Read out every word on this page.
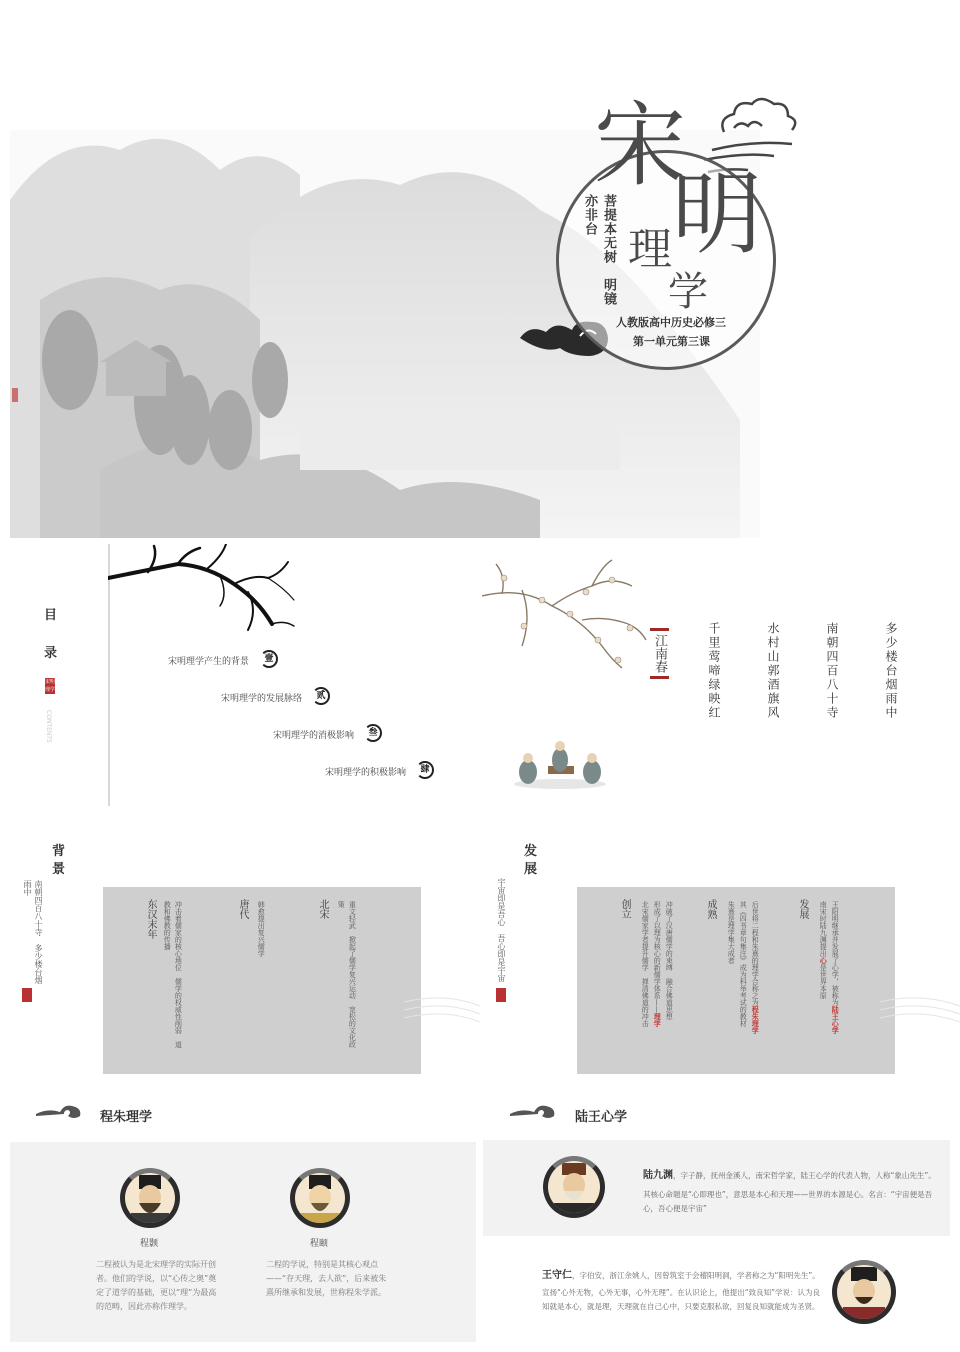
宋
明
理
学
菩提本无树　明镜亦非台
人教版高中历史必修三
第一单元第三课
目
录
宋明理学
CONTENTS
宋明理学产生的背景	壹
宋明理学的发展脉络	贰
宋明理学的消极影响	叁
宋明理学的积极影响	肆
江南春	千里莺啼绿映红	水村山郭酒旗风	南朝四百八十寺	多少楼台烟雨中
背
景
南朝四百八十寺　多少楼台烟雨中
东汉末年	冲击着儒家的核心地位　儒学的权威性削弱　道教和佛教的传播	唐代	韩愈提出复兴儒学	北宋	重文轻武　掀起了儒学复兴运动　宽松的文化政策
发
展
宇宙即是吾心　吾心即是宇宙	创立	北宋儒家学者提升儒学　掸清佛道的冲击 形成了以理为核心的新儒学体系——理学 冲破了汉唐儒学的束缚　融合佛道思想	成熟	朱熹是理学集大成者 其《四书章句集注》成为科举考试的教材 后世将二程和朱熹的理学合称之为程朱理学
发展	南宋时陆九渊提出心是世界本原 王阳明继承并发展了心学，被称为陆王心学
程朱理学
程颢
二程被认为是北宋理学的实际开创者。他们的学说，以“心传之奥”奠定了道学的基础，更以“理”为最高的范畴，因此亦称作理学。
程颐
二程的学说，特别是其核心观点——“存天理，去人欲”，后来被朱熹所继承和发展，世称程朱学派。
陆王心学
陆九渊，字子静，抚州金溪人，南宋哲学家，陆王心学的代表人物，人称“象山先生”。
其核心命题是“心即理也”，意思是本心和天理——世界的本源是心。名言：“宇宙便是吾心，吾心便是宇宙”
王守仁，字伯安，浙江余姚人，因曾筑室于会稽阳明洞，学者称之为“阳明先生”。
宣扬“心外无物，心外无事，心外无理”。在认识论上，他提出“致良知”学说：认为良知就是本心，就是理，天理就在自己心中，只要克服私欲，回复良知就能成为圣贤。
